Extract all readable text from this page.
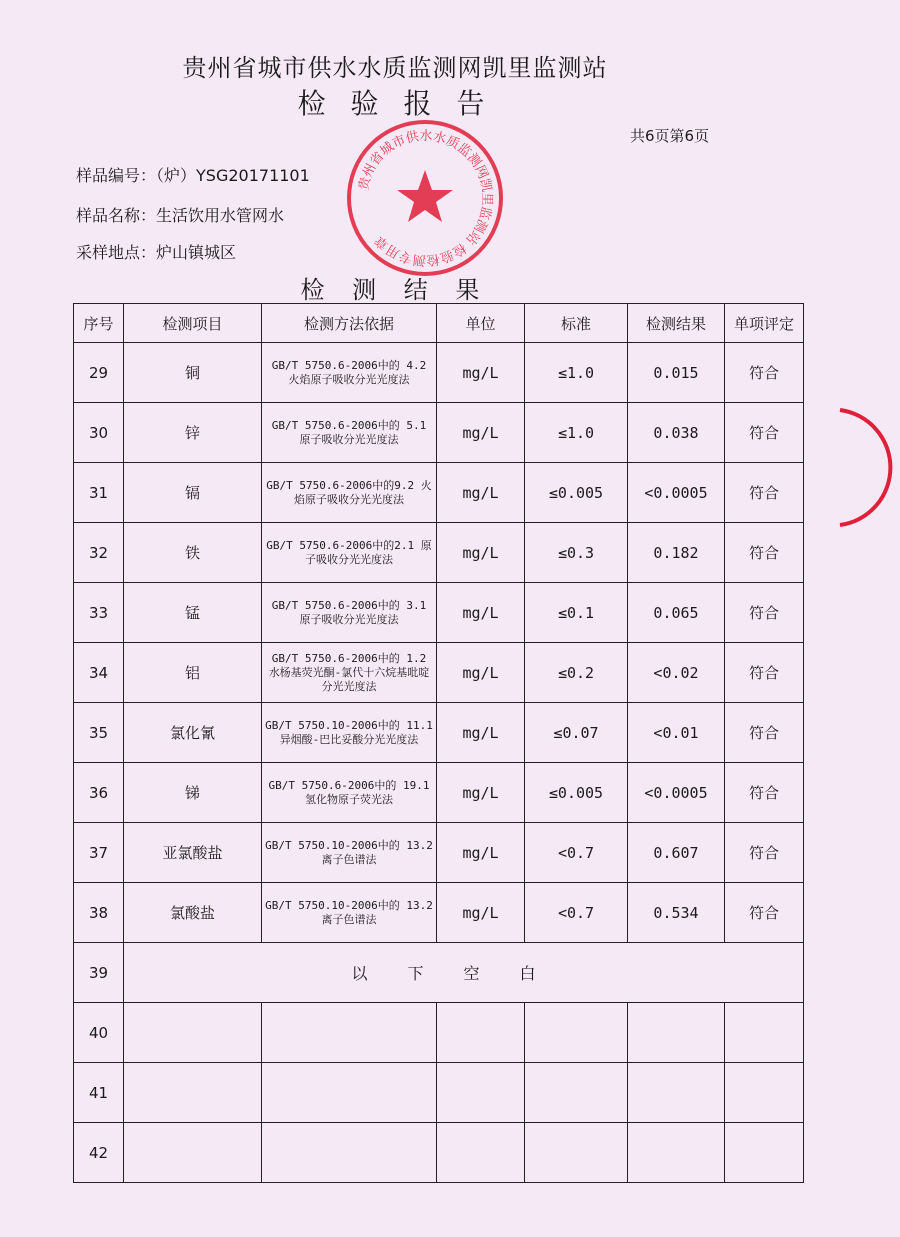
贵州省城市供水水质监测网凯里监测站
检 验 报 告
共6页第6页
样品编号：（炉）YSG20171101
样品名称：生活饮用水管网水
采样地点：炉山镇城区
检 测 结 果
贵州省城市供水水质监测网凯里监测站 检验检测专用章
序号	检测项目	检测方法依据	单位	标准	检测结果	单项评定
29	铜	GB/T 5750.6-2006中的 4.2 火焰原子吸收分光光度法	mg/L	≤1.0	0.015	符合
30	锌	GB/T 5750.6-2006中的 5.1 原子吸收分光光度法	mg/L	≤1.0	0.038	符合
31	镉	GB/T 5750.6-2006中的9.2 火焰原子吸收分光光度法	mg/L	≤0.005	<0.0005	符合
32	铁	GB/T 5750.6-2006中的2.1 原子吸收分光光度法	mg/L	≤0.3	0.182	符合
33	锰	GB/T 5750.6-2006中的 3.1 原子吸收分光光度法	mg/L	≤0.1	0.065	符合
34	铝	GB/T 5750.6-2006中的 1.2 水杨基荧光酮-氯代十六烷基吡啶分光光度法	mg/L	≤0.2	<0.02	符合
35	氯化氰	GB/T 5750.10-2006中的 11.1 异烟酸-巴比妥酸分光光度法	mg/L	≤0.07	<0.01	符合
36	锑	GB/T 5750.6-2006中的 19.1 氢化物原子荧光法	mg/L	≤0.005	<0.0005	符合
37	亚氯酸盐	GB/T 5750.10-2006中的 13.2 离子色谱法	mg/L	<0.7	0.607	符合
38	氯酸盐	GB/T 5750.10-2006中的 13.2 离子色谱法	mg/L	<0.7	0.534	符合
39	以下空白					
40						
41						
42						
